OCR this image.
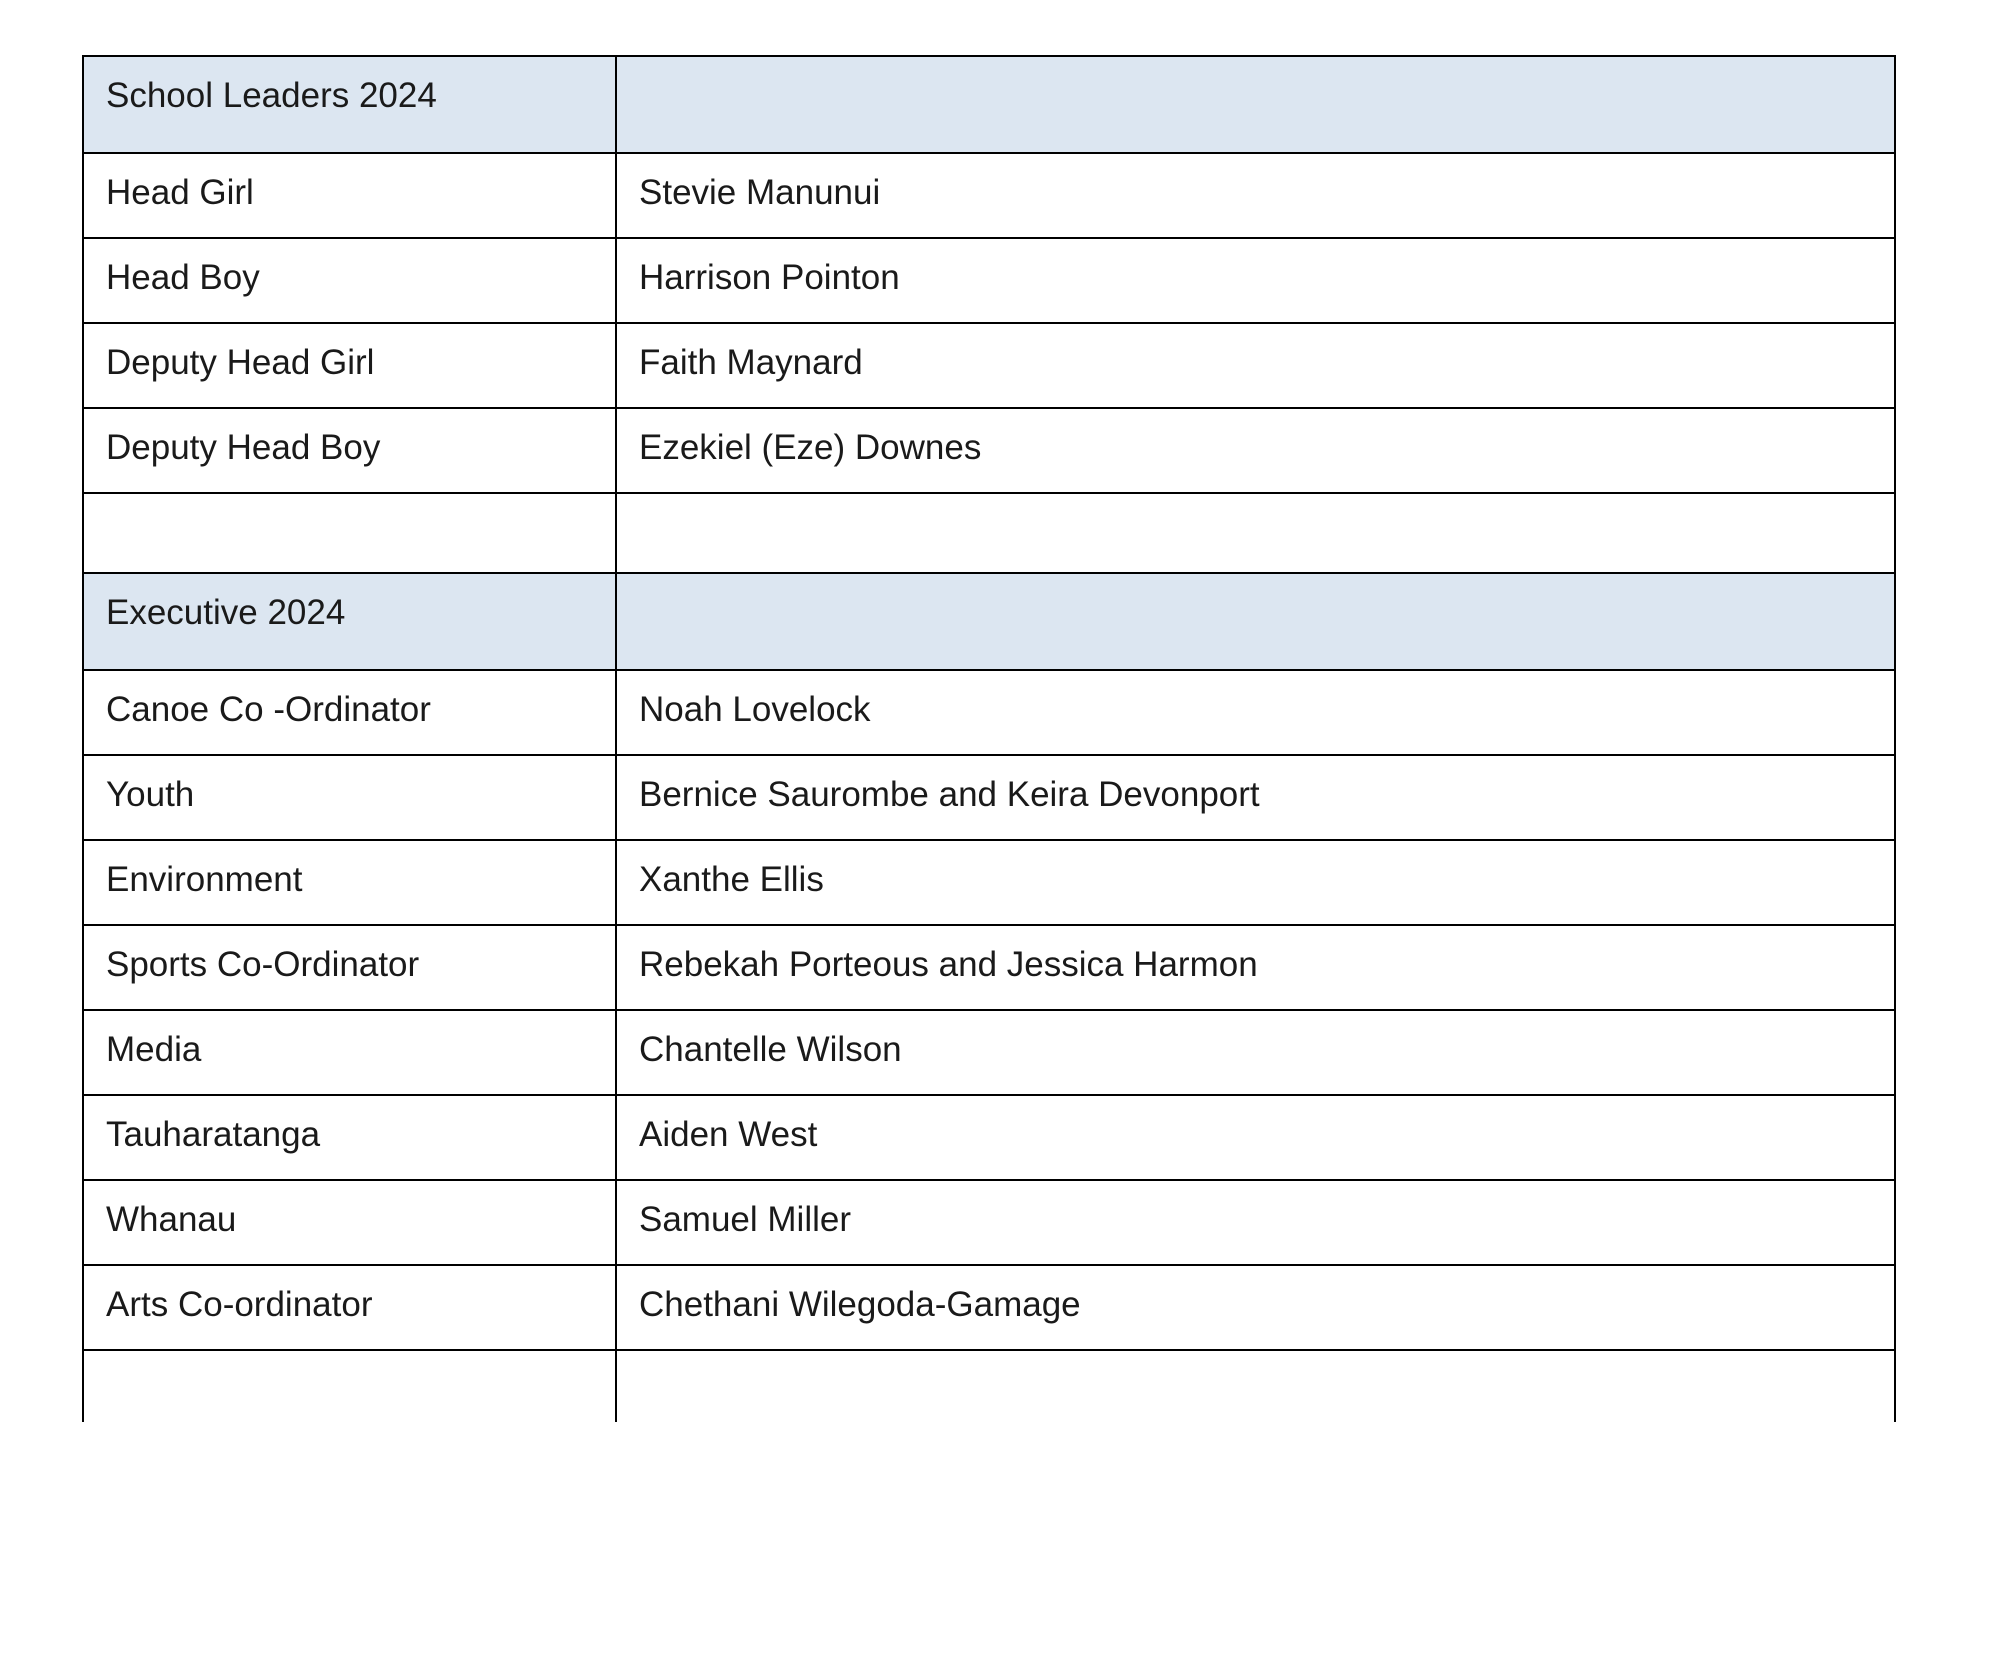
School Leaders 2024	
Head Girl	Stevie Manunui
Head Boy	Harrison Pointon
Deputy Head Girl	Faith Maynard
Deputy Head Boy	Ezekiel (Eze) Downes

Executive 2024	
Canoe Co -Ordinator	Noah Lovelock
Youth	Bernice Saurombe and Keira Devonport
Environment	Xanthe Ellis
Sports Co-Ordinator	Rebekah Porteous and Jessica Harmon
Media	Chantelle Wilson
Tauharatanga	Aiden West
Whanau	Samuel Miller
Arts Co-ordinator	Chethani Wilegoda-Gamage
